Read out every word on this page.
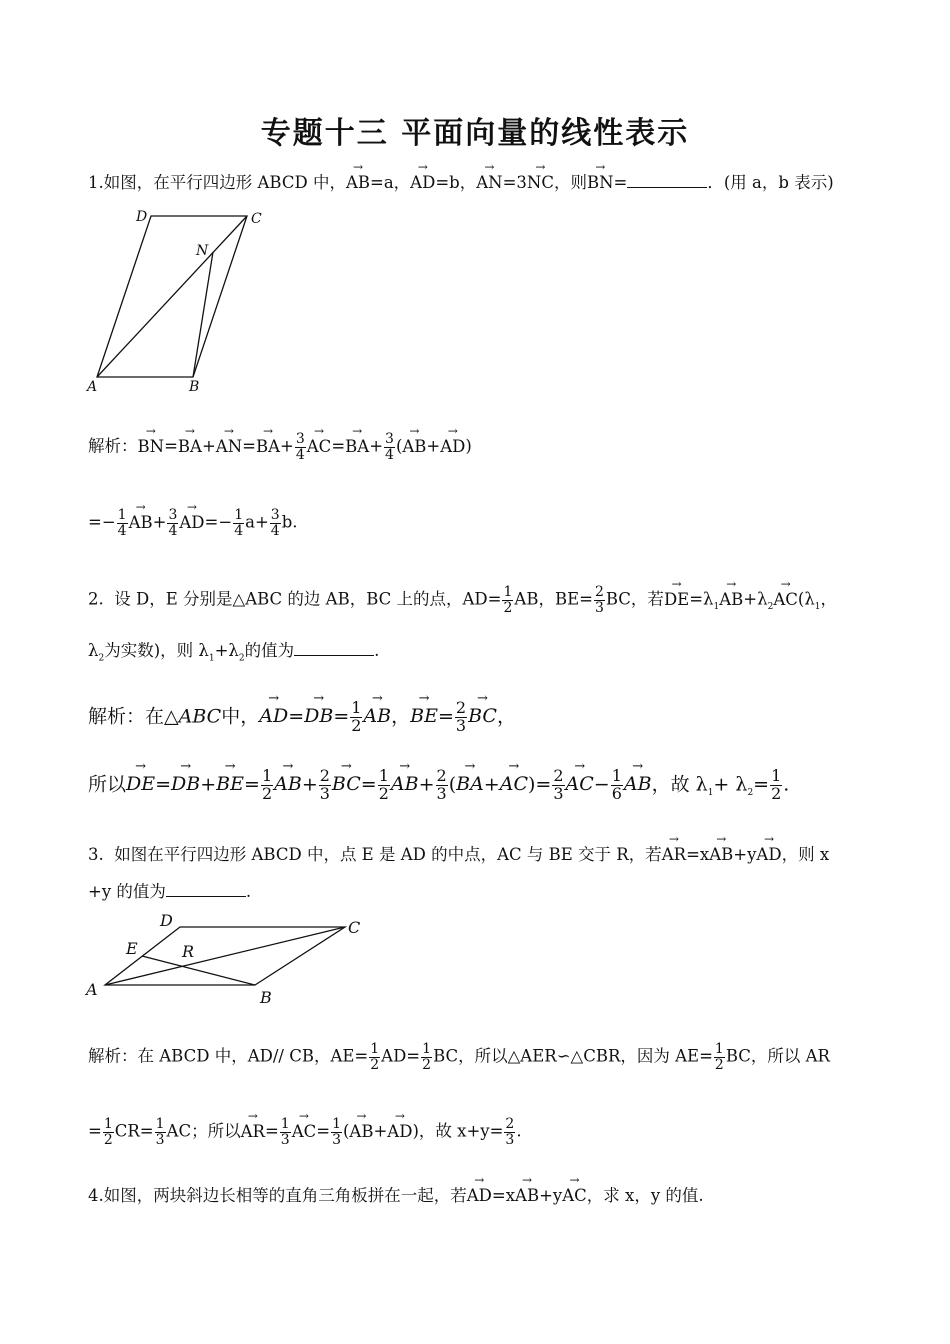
专题十三 平面向量的线性表示
1.如图，在平行四边形 ABCD 中，→ AB=a，→ AD=b，→ AN=3→ NC，则→ BN=	．(用 a，b 表示)
D	C
N
A	B
解析：→ $BN=\to BA+\to AN=\to BA+ \frac{3}{4}$
→ $AC=\to BA+ \frac{3}{4}$ (→ AB+→ AD)
=− $\frac{1}{4}$
→ $AB+ \frac{3}{4}$
→ $AD=- \frac{1}{4} a+ \frac{3}{4} b$.
2. 设 D，E 分别是△ABC 的边 AB，BC 上的点，$AD= \frac{1}{2}$ AB，$BE= \frac{2}{3}$ BC，若→ $DE=\lambda_1\to AB+\lambda_2\to AC(\lambda_1$，
$\lambda_2$为实数)，则 $\lambda_1+\lambda_2$的值为	.
解析：在△ABC中，→ $AD=\to DB= \frac{1}{2}$
→ AB，→ $BE= \frac{2}{3}$
→ BC，
所以→ $DE=\to DB+\to BE= \frac{1}{2}$
→ $AB+ \frac{2}{3}$
→ $BC= \frac{1}{2}$
→ $AB+ \frac{2}{3}$ (→ $BA+\to AC)= \frac{2}{3}$
→ $AC- \frac{1}{6}$
→ AB，故 $\lambda_1+ \lambda_2= \frac{1}{2}$ .
3. 如图在平行四边形 ABCD 中，点 E 是 AD 的中点，AC 与 BE 交于 R，若→ AR=x→ AB+y→ AD，则 x
+y 的值为	.
D	C
E	R
A	B
解析：在 ABCD 中，AD// CB，$AE= \frac{1}{2} AD= \frac{1}{2}$ BC，所以△AER∽△CBR，因为 $AE= \frac{1}{2}$ BC，所以 AR
= $\frac{1}{2} CR= \frac{1}{3}$ AC；所以→ $AR= \frac{1}{3}$
→ $AC= \frac{1}{3}$ (→ AB+→ AD)，故 $x+y= \frac{2}{3}$ .
4.如图，两块斜边长相等的直角三角板拼在一起，若→ AD=x→ AB+y→ AC，求 x，y 的值.
